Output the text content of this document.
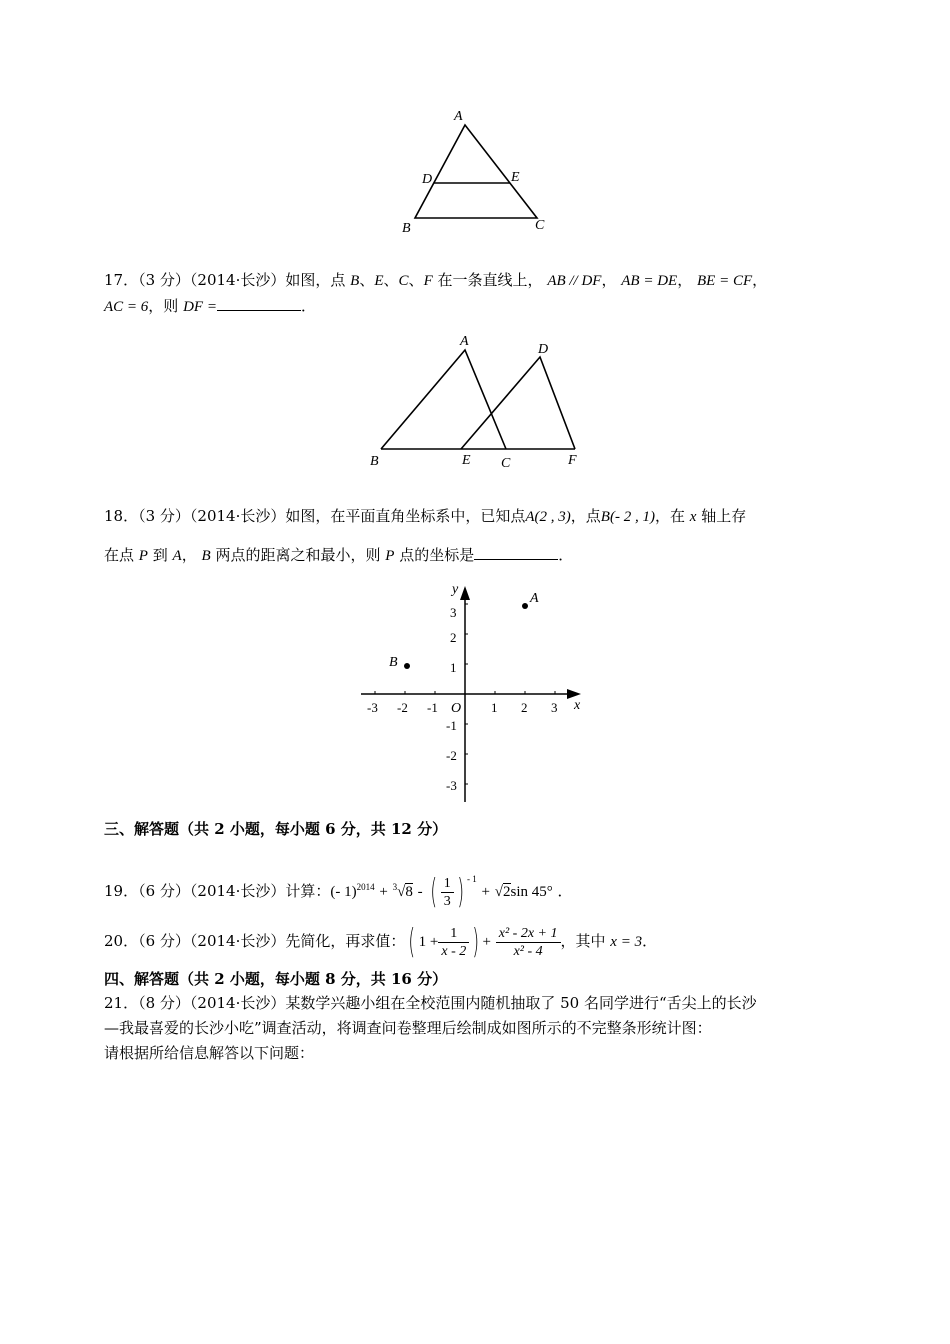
A
D	E
B	C
17．（3 分）（2014·长沙）如图，点 B、E、C、F 在一条直线上， AB // DF， AB = DE， BE = CF，
AC = 6，则 DF =	．
A
D
B	E C	F
18．（3 分）（2014·长沙）如图，在平面直角坐标系中，已知点A(2 , 3)，点B(- 2 , 1)，在 x 轴上存
在点 P 到 A， B 两点的距离之和最小，则 P 点的坐标是	．
-3 -2 -1	1 2 3
3
2
1
-1
-2
-3
O	x
y
A
B
三、解答题（共 2 小题，每小题 6 分，共 12 分）
19．（6 分）（2014·长沙）计算：(- 1)$^{2014}$ + $^3$√8 - ( $\frac{1}{3}$ ) $^{- 1}$ + √2sin 45° ．
20．（6 分）（2014·长沙）先简化，再求值：( $1 + \frac{1}{x - 2}$ ) + $\frac{\text{x² - 2x + 1}}{\text{x² - 4}}$ ，其中 x = 3．
四、解答题（共 2 小题，每小题 8 分，共 16 分）
21．（8 分）（2014·长沙）某数学兴趣小组在全校范围内随机抽取了 50 名同学进行“舌尖上的长沙
—我最喜爱的长沙小吃”调查活动，将调查问卷整理后绘制成如图所示的不完整条形统计图：
请根据所给信息解答以下问题：
